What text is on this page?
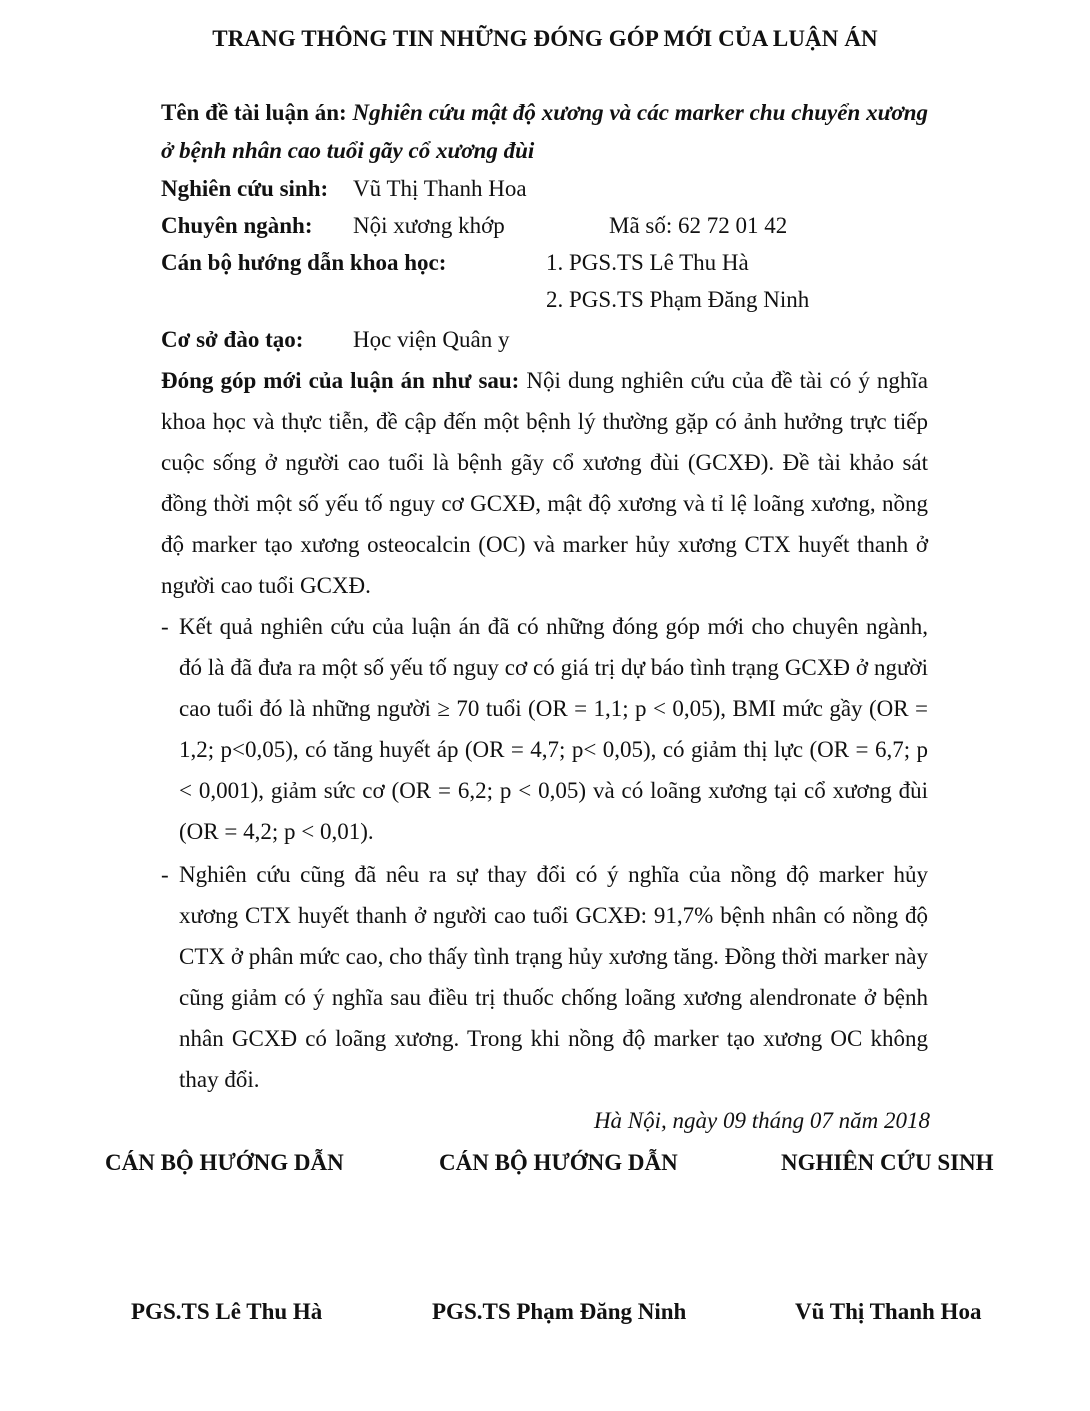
TRANG THÔNG TIN NHỮNG ĐÓNG GÓP MỚI CỦA LUẬN ÁN

Tên đề tài luận án: Nghiên cứu mật độ xương và các marker chu chuyển xương ở bệnh nhân cao tuổi gãy cổ xương đùi

Nghiên cứu sinh:	Vũ Thị Thanh Hoa
Chuyên ngành:	Nội xương khớp	Mã số: 62 72 01 42
Cán bộ hướng dẫn khoa học:	1. PGS.TS Lê Thu Hà
2. PGS.TS Phạm Đăng Ninh
Cơ sở đào tạo:	Học viện Quân y

Đóng góp mới của luận án như sau: Nội dung nghiên cứu của đề tài có ý nghĩa khoa học và thực tiễn, đề cập đến một bệnh lý thường gặp có ảnh hưởng trực tiếp cuộc sống ở người cao tuổi là bệnh gãy cổ xương đùi (GCXĐ). Đề tài khảo sát đồng thời một số yếu tố nguy cơ GCXĐ, mật độ xương và tỉ lệ loãng xương, nồng độ marker tạo xương osteocalcin (OC) và marker hủy xương CTX huyết thanh ở người cao tuổi GCXĐ.

- Kết quả nghiên cứu của luận án đã có những đóng góp mới cho chuyên ngành, đó là đã đưa ra một số yếu tố nguy cơ có giá trị dự báo tình trạng GCXĐ ở người cao tuổi đó là những người ≥ 70 tuổi (OR = 1,1; p < 0,05), BMI mức gầy (OR = 1,2; p<0,05), có tăng huyết áp (OR = 4,7; p< 0,05), có giảm thị lực (OR = 6,7; p < 0,001), giảm sức cơ (OR = 6,2; p < 0,05) và có loãng xương tại cổ xương đùi (OR = 4,2; p < 0,01).
- Nghiên cứu cũng đã nêu ra sự thay đổi có ý nghĩa của nồng độ marker hủy xương CTX huyết thanh ở người cao tuổi GCXĐ: 91,7% bệnh nhân có nồng độ CTX ở phân mức cao, cho thấy tình trạng hủy xương tăng. Đồng thời marker này cũng giảm có ý nghĩa sau điều trị thuốc chống loãng xương alendronate ở bệnh nhân GCXĐ có loãng xương. Trong khi nồng độ marker tạo xương OC không thay đổi.
Hà Nội, ngày 09 tháng 07 năm 2018
CÁN BỘ HƯỚNG DẪN	CÁN BỘ HƯỚNG DẪN	NGHIÊN CỨU SINH
PGS.TS Lê Thu Hà	PGS.TS Phạm Đăng Ninh	Vũ Thị Thanh Hoa
